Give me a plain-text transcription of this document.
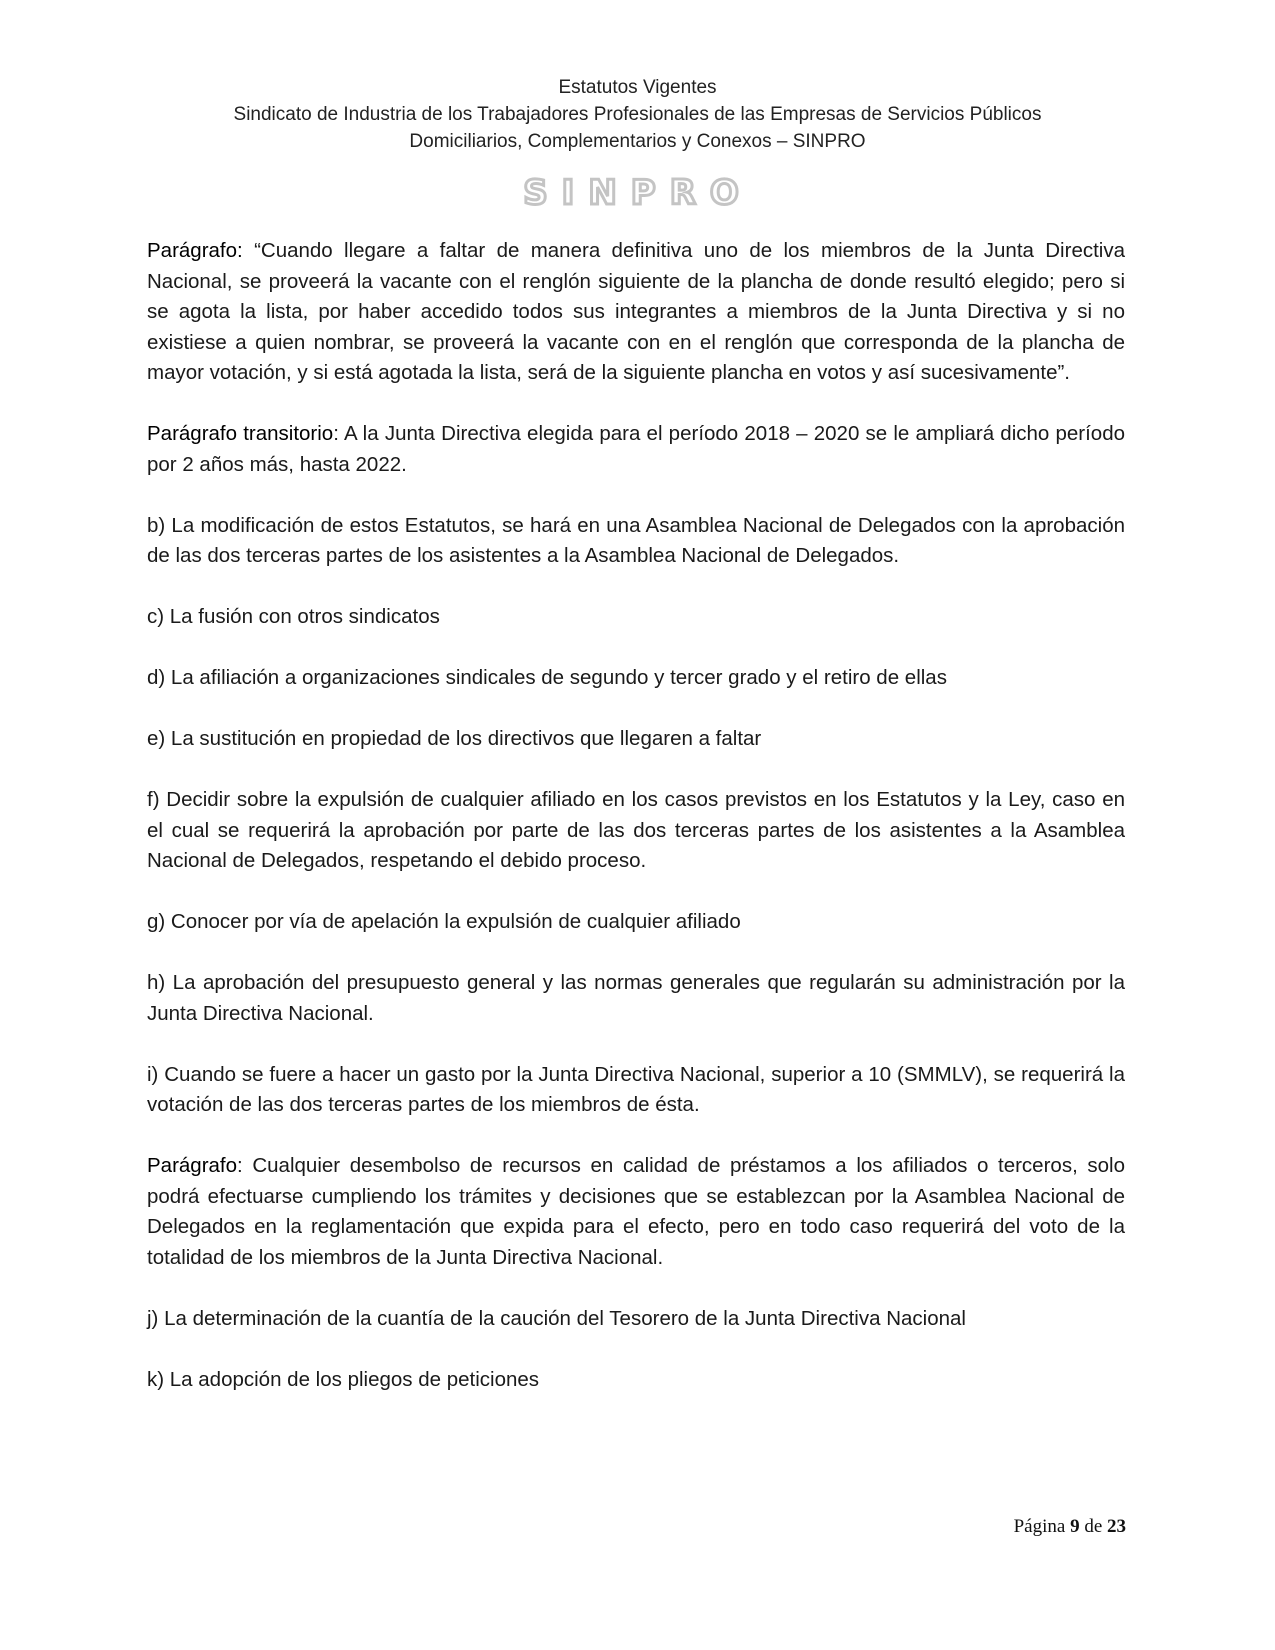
Estatutos Vigentes
Sindicato de Industria de los Trabajadores Profesionales de las Empresas de Servicios Públicos
Domiciliarios, Complementarios y Conexos – SINPRO
SINPRO

Parágrafo: “Cuando llegare a faltar de manera definitiva uno de los miembros de la Junta Directiva Nacional, se proveerá la vacante con el renglón siguiente de la plancha de donde resultó elegido; pero si se agota la lista, por haber accedido todos sus integrantes a miembros de la Junta Directiva y si no existiese a quien nombrar, se proveerá la vacante con en el renglón que corresponda de la plancha de mayor votación, y si está agotada la lista, será de la siguiente plancha en votos y así sucesivamente”.

Parágrafo transitorio: A la Junta Directiva elegida para el período 2018 – 2020 se le ampliará dicho período por 2 años más, hasta 2022.

b) La modificación de estos Estatutos, se hará en una Asamblea Nacional de Delegados con la aprobación de las dos terceras partes de los asistentes a la Asamblea Nacional de Delegados.

c) La fusión con otros sindicatos

d) La afiliación a organizaciones sindicales de segundo y tercer grado y el retiro de ellas

e) La sustitución en propiedad de los directivos que llegaren a faltar

f) Decidir sobre la expulsión de cualquier afiliado en los casos previstos en los Estatutos y la Ley, caso en el cual se requerirá la aprobación por parte de las dos terceras partes de los asistentes a la Asamblea Nacional de Delegados, respetando el debido proceso.

g) Conocer por vía de apelación la expulsión de cualquier afiliado

h) La aprobación del presupuesto general y las normas generales que regularán su administración por la Junta Directiva Nacional.

i) Cuando se fuere a hacer un gasto por la Junta Directiva Nacional, superior a 10 (SMMLV), se requerirá la votación de las dos terceras partes de los miembros de ésta.

Parágrafo: Cualquier desembolso de recursos en calidad de préstamos a los afiliados o terceros, solo podrá efectuarse cumpliendo los trámites y decisiones que se establezcan por la Asamblea Nacional de Delegados en la reglamentación que expida para el efecto, pero en todo caso requerirá del voto de la totalidad de los miembros de la Junta Directiva Nacional.

j) La determinación de la cuantía de la caución del Tesorero de la Junta Directiva Nacional

k) La adopción de los pliegos de peticiones

Página 9 de 23
